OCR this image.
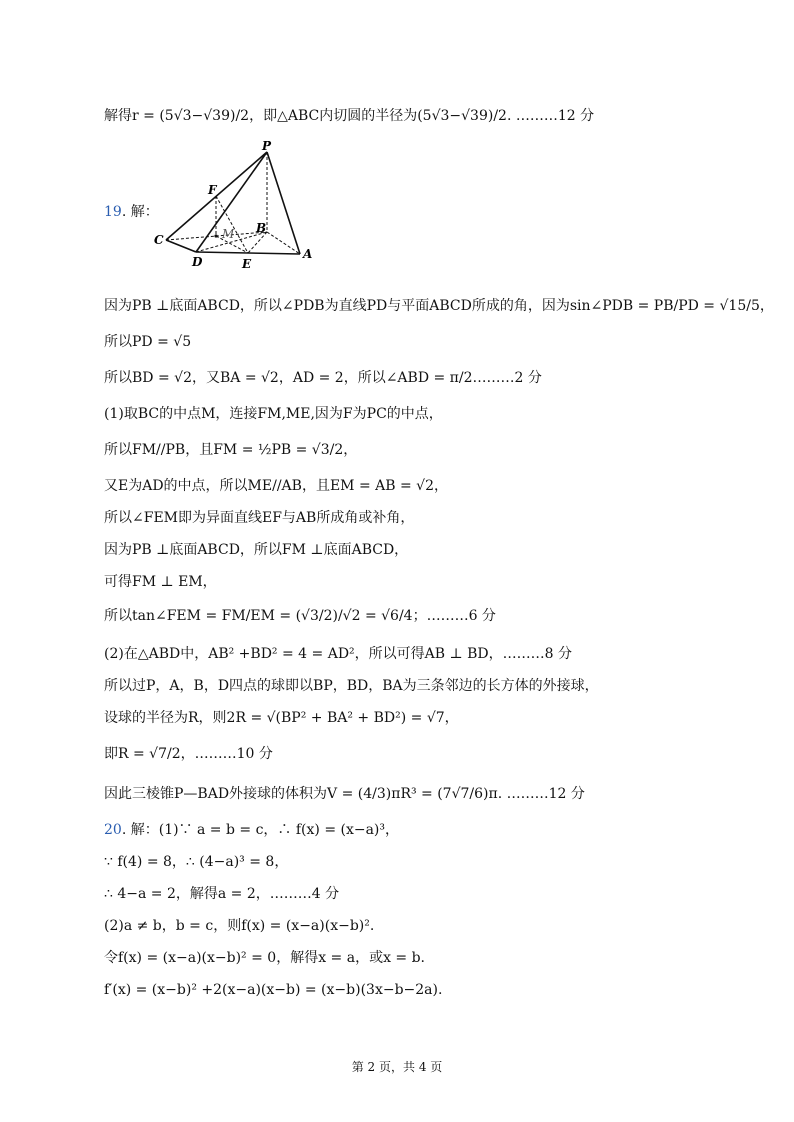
解得r = (5√3−√39)/2，即△ABC内切圆的半径为(5√3−√39)/2. ………12 分
19. 解：
P
F
B
M
C
D	E
A
因为PB ⊥底面ABCD，所以∠PDB为直线PD与平面ABCD所成的角，因为sin∠PDB = PB/PD = √15/5，
所以PD = √5
所以BD = √2，又BA = √2，AD = 2，所以∠ABD = π/2………2 分
(1)取BC的中点M，连接FM,ME,因为F为PC的中点，
所以FM//PB，且FM = ½PB = √3/2，
又E为AD的中点，所以ME//AB，且EM = AB = √2，
所以∠FEM即为异面直线EF与AB所成角或补角，
因为PB ⊥底面ABCD，所以FM ⊥底面ABCD，
可得FM ⊥ EM，
所以tan∠FEM = FM/EM = (√3/2)/√2 = √6/4；………6 分
(2)在△ABD中，AB² +BD² = 4 = AD²，所以可得AB ⊥ BD，………8 分
所以过P，A，B，D四点的球即以BP，BD，BA为三条邻边的长方体的外接球，
设球的半径为R，则2R = √(BP² + BA² + BD²) = √7，
即R = √7/2，………10 分
因此三棱锥P—BAD外接球的体积为V = (4/3)πR³ = (7√7/6)π. ………12 分
20. 解：(1)∵ a = b = c，∴ f(x) = (x−a)³，
∵ f(4) = 8，∴ (4−a)³ = 8，
∴ 4−a = 2，解得a = 2，………4 分
(2)a ≠ b，b = c，则f(x) = (x−a)(x−b)².
令f(x) = (x−a)(x−b)² = 0，解得x = a，或x = b.
f′(x) = (x−b)² +2(x−a)(x−b) = (x−b)(3x−b−2a).
第 2 页，共 4 页
